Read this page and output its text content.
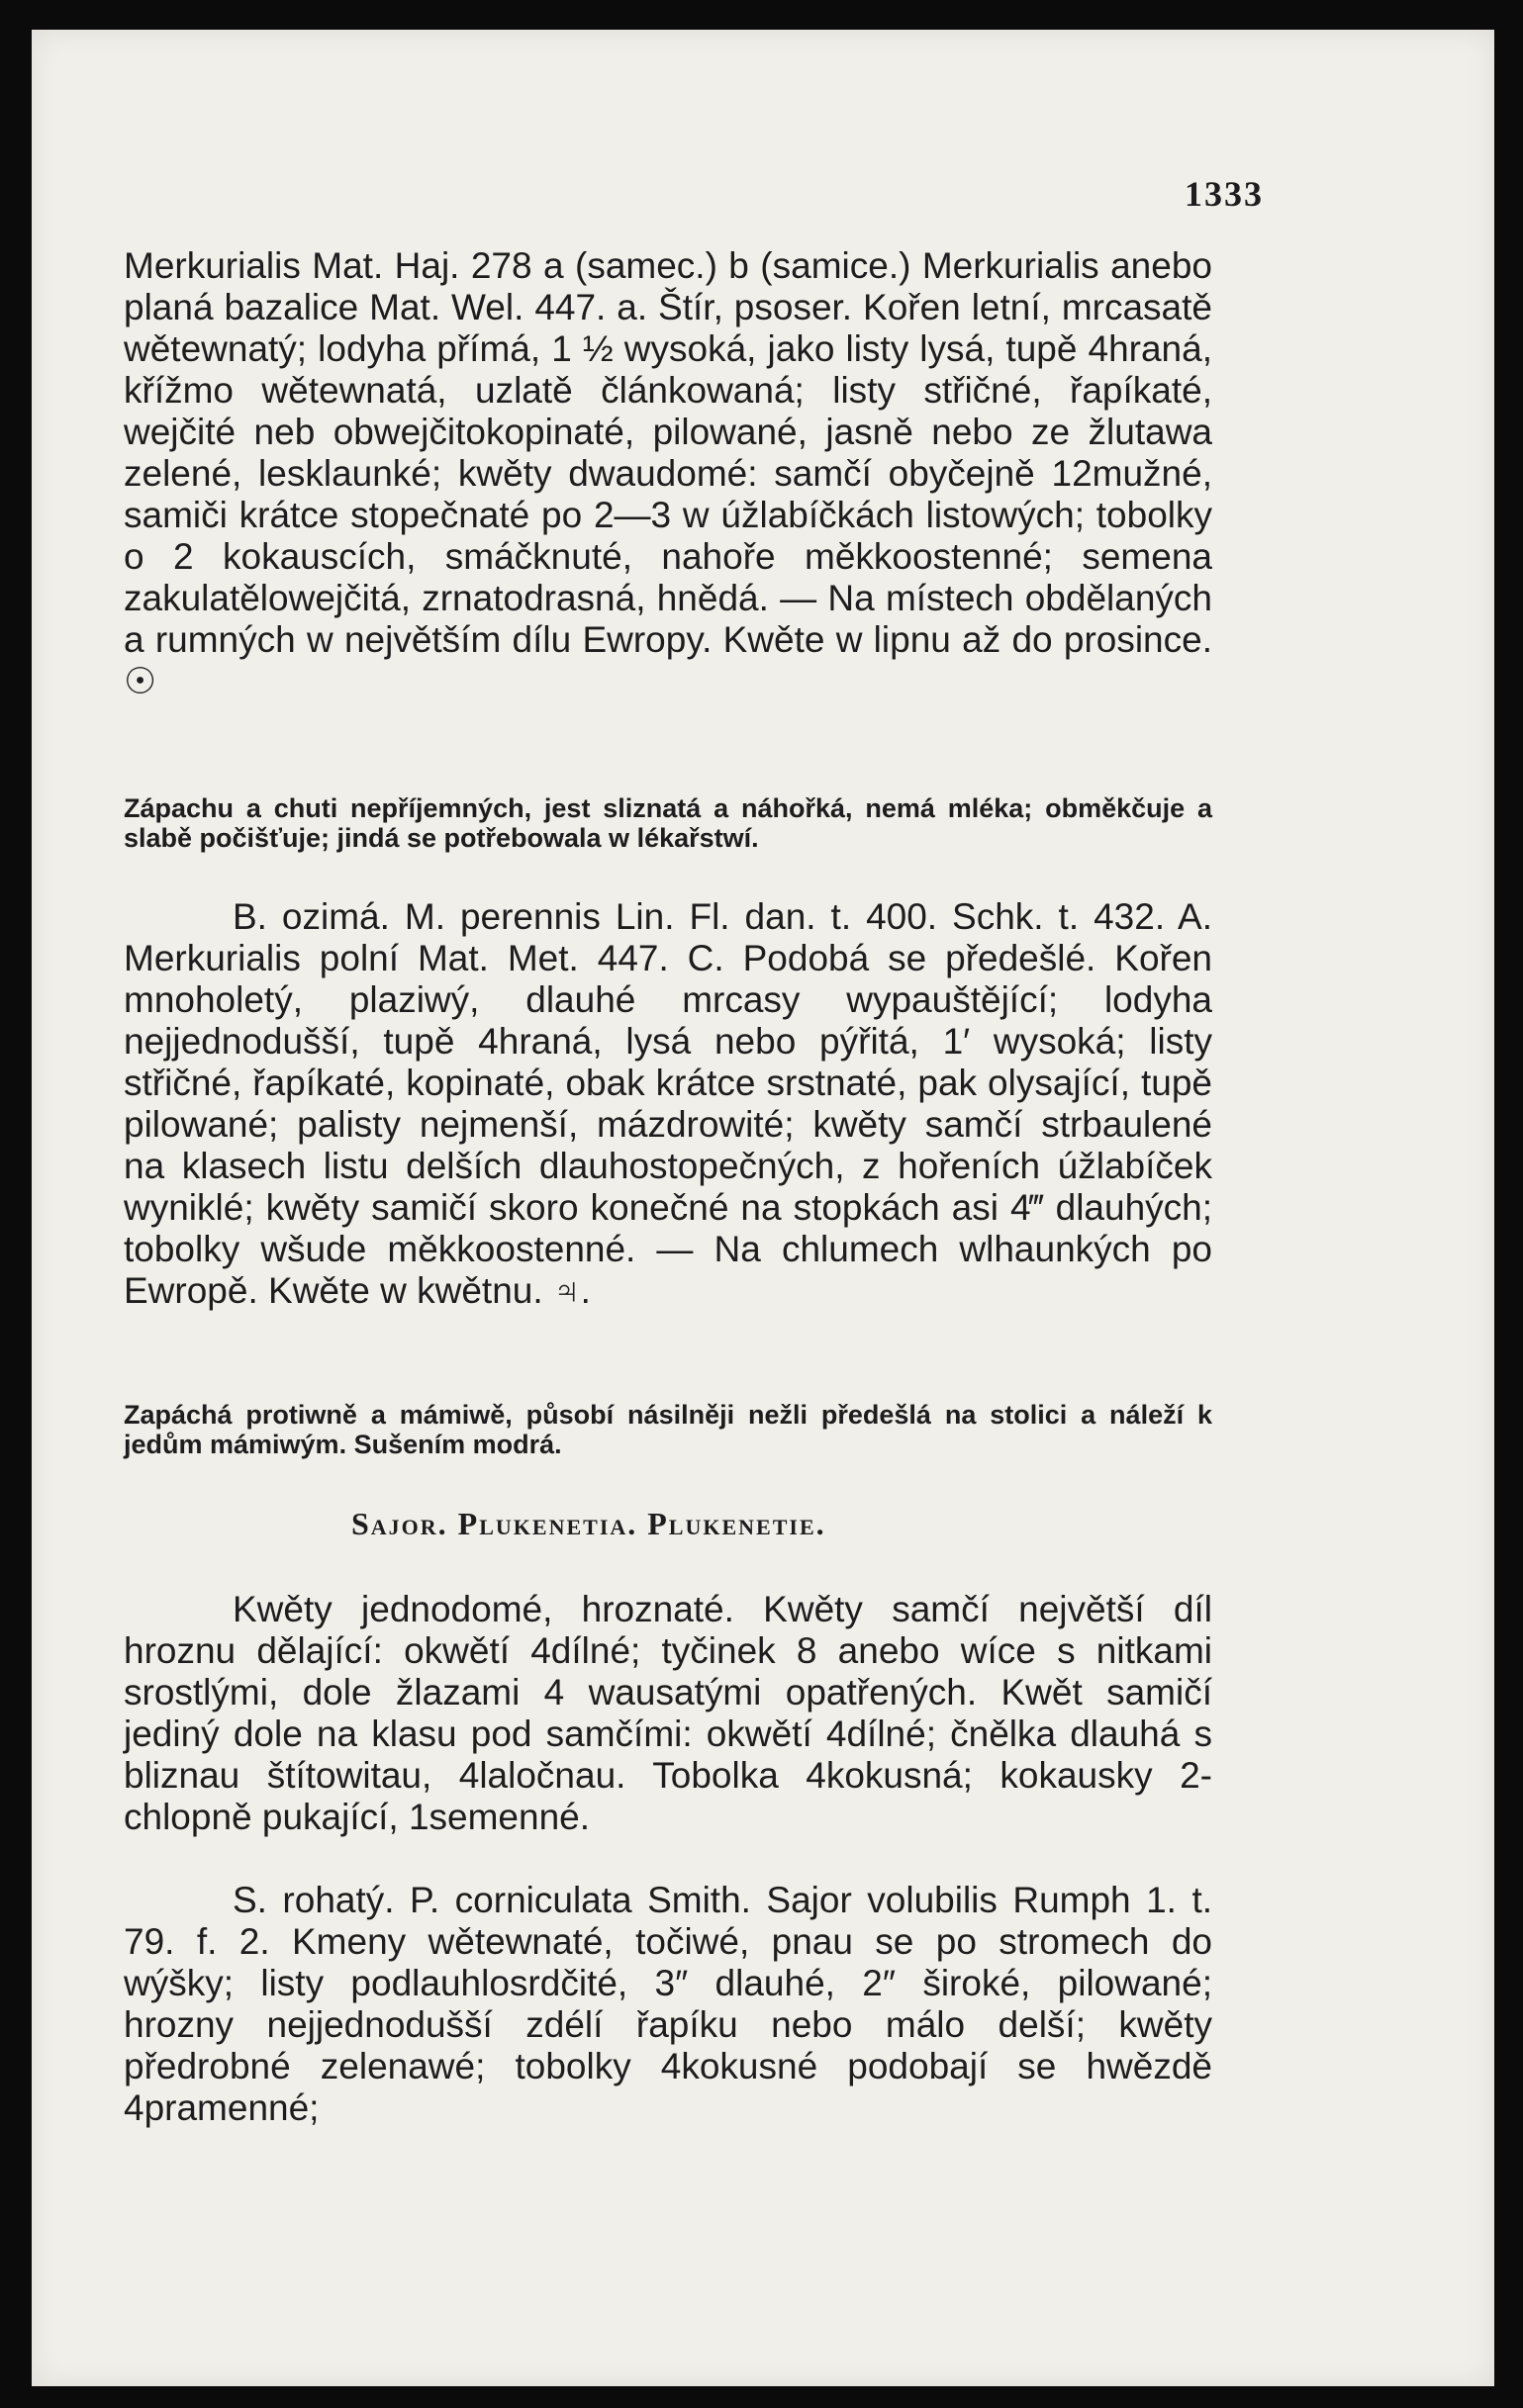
1333

Merkurialis Mat. Haj. 278 a (samec.) b (samice.) Merkurialis anebo planá bazalice Mat. Wel. 447. a. Štír, psoser. Kořen letní, mrcasatě wětewnatý; lodyha přímá, 1 ½ wysoká, jako listy lysá, tupě 4hraná, křížmo wětewnatá, uzlatě článkowaná; listy střičné, řapíkaté, wejčité neb obwejčitokopinaté, pilowané, jasně nebo ze žlutawa zelené, lesklaunké; kwěty dwaudomé: samčí obyčejně 12mužné, samiči krátce stopečnaté po 2—3 w úžlabíčkách listowých; tobolky o 2 kokauscích, smáčknuté, nahoře měkkoostenné; semena zakulatělowejčitá, zrnatodrasná, hnědá. — Na místech obdělaných a rumných w největším dílu Ewropy. Kwěte w lipnu až do prosince. ☉

Zápachu a chuti nepříjemných, jest sliznatá a náhořká, nemá mléka; obměkčuje a slabě počišťuje; jindá se potřebowala w lékařstwí.

B. ozimá. M. perennis Lin. Fl. dan. t. 400. Schk. t. 432. A. Merkurialis polní Mat. Met. 447. C. Podobá se předešlé. Kořen mnoholetý, plaziwý, dlauhé mrcasy wypauštějící; lodyha nejjednodušší, tupě 4hraná, lysá nebo pýřitá, 1′ wysoká; listy střičné, řapíkaté, kopinaté, obak krátce srstnaté, pak olysající, tupě pilowané; palisty nejmenší, mázdrowité; kwěty samčí strbaulené na klasech listu delších dlauhostopečných, z hořeních úžlabíček wyniklé; kwěty samičí skoro konečné na stopkách asi 4‴ dlauhých; tobolky wšude měkkoostenné. — Na chlumech wlhaunkých po Ewropě. Kwěte w kwětnu. ♃.

Zapáchá protiwně a mámiwě, působí násilněji nežli předešlá na stolici a náleží k jedům mámiwým. Sušením modrá.

Sajor. Plukenetia. Plukenetie.

Kwěty jednodomé, hroznaté. Kwěty samčí největší díl hroznu dělající: okwětí 4dílné; tyčinek 8 anebo wíce s nitkami srostlými, dole žlazami 4 wausatými opatřených. Kwět samičí jediný dole na klasu pod samčími: okwětí 4dílné; čnělka dlauhá s bliznau štítowitau, 4laločnau. Tobolka 4kokusná; kokausky 2-chlopně pukající, 1semenné.

S. rohatý. P. corniculata Smith. Sajor volubilis Rumph 1. t. 79. f. 2. Kmeny wětewnaté, točiwé, pnau se po stromech do wýšky; listy podlauhlosrdčité, 3″ dlauhé, 2″ široké, pilowané; hrozny nejjednodušší zdélí řapíku nebo málo delší; kwěty předrobné zelenawé; tobolky 4kokusné podobají se hwězdě 4pramenné;
